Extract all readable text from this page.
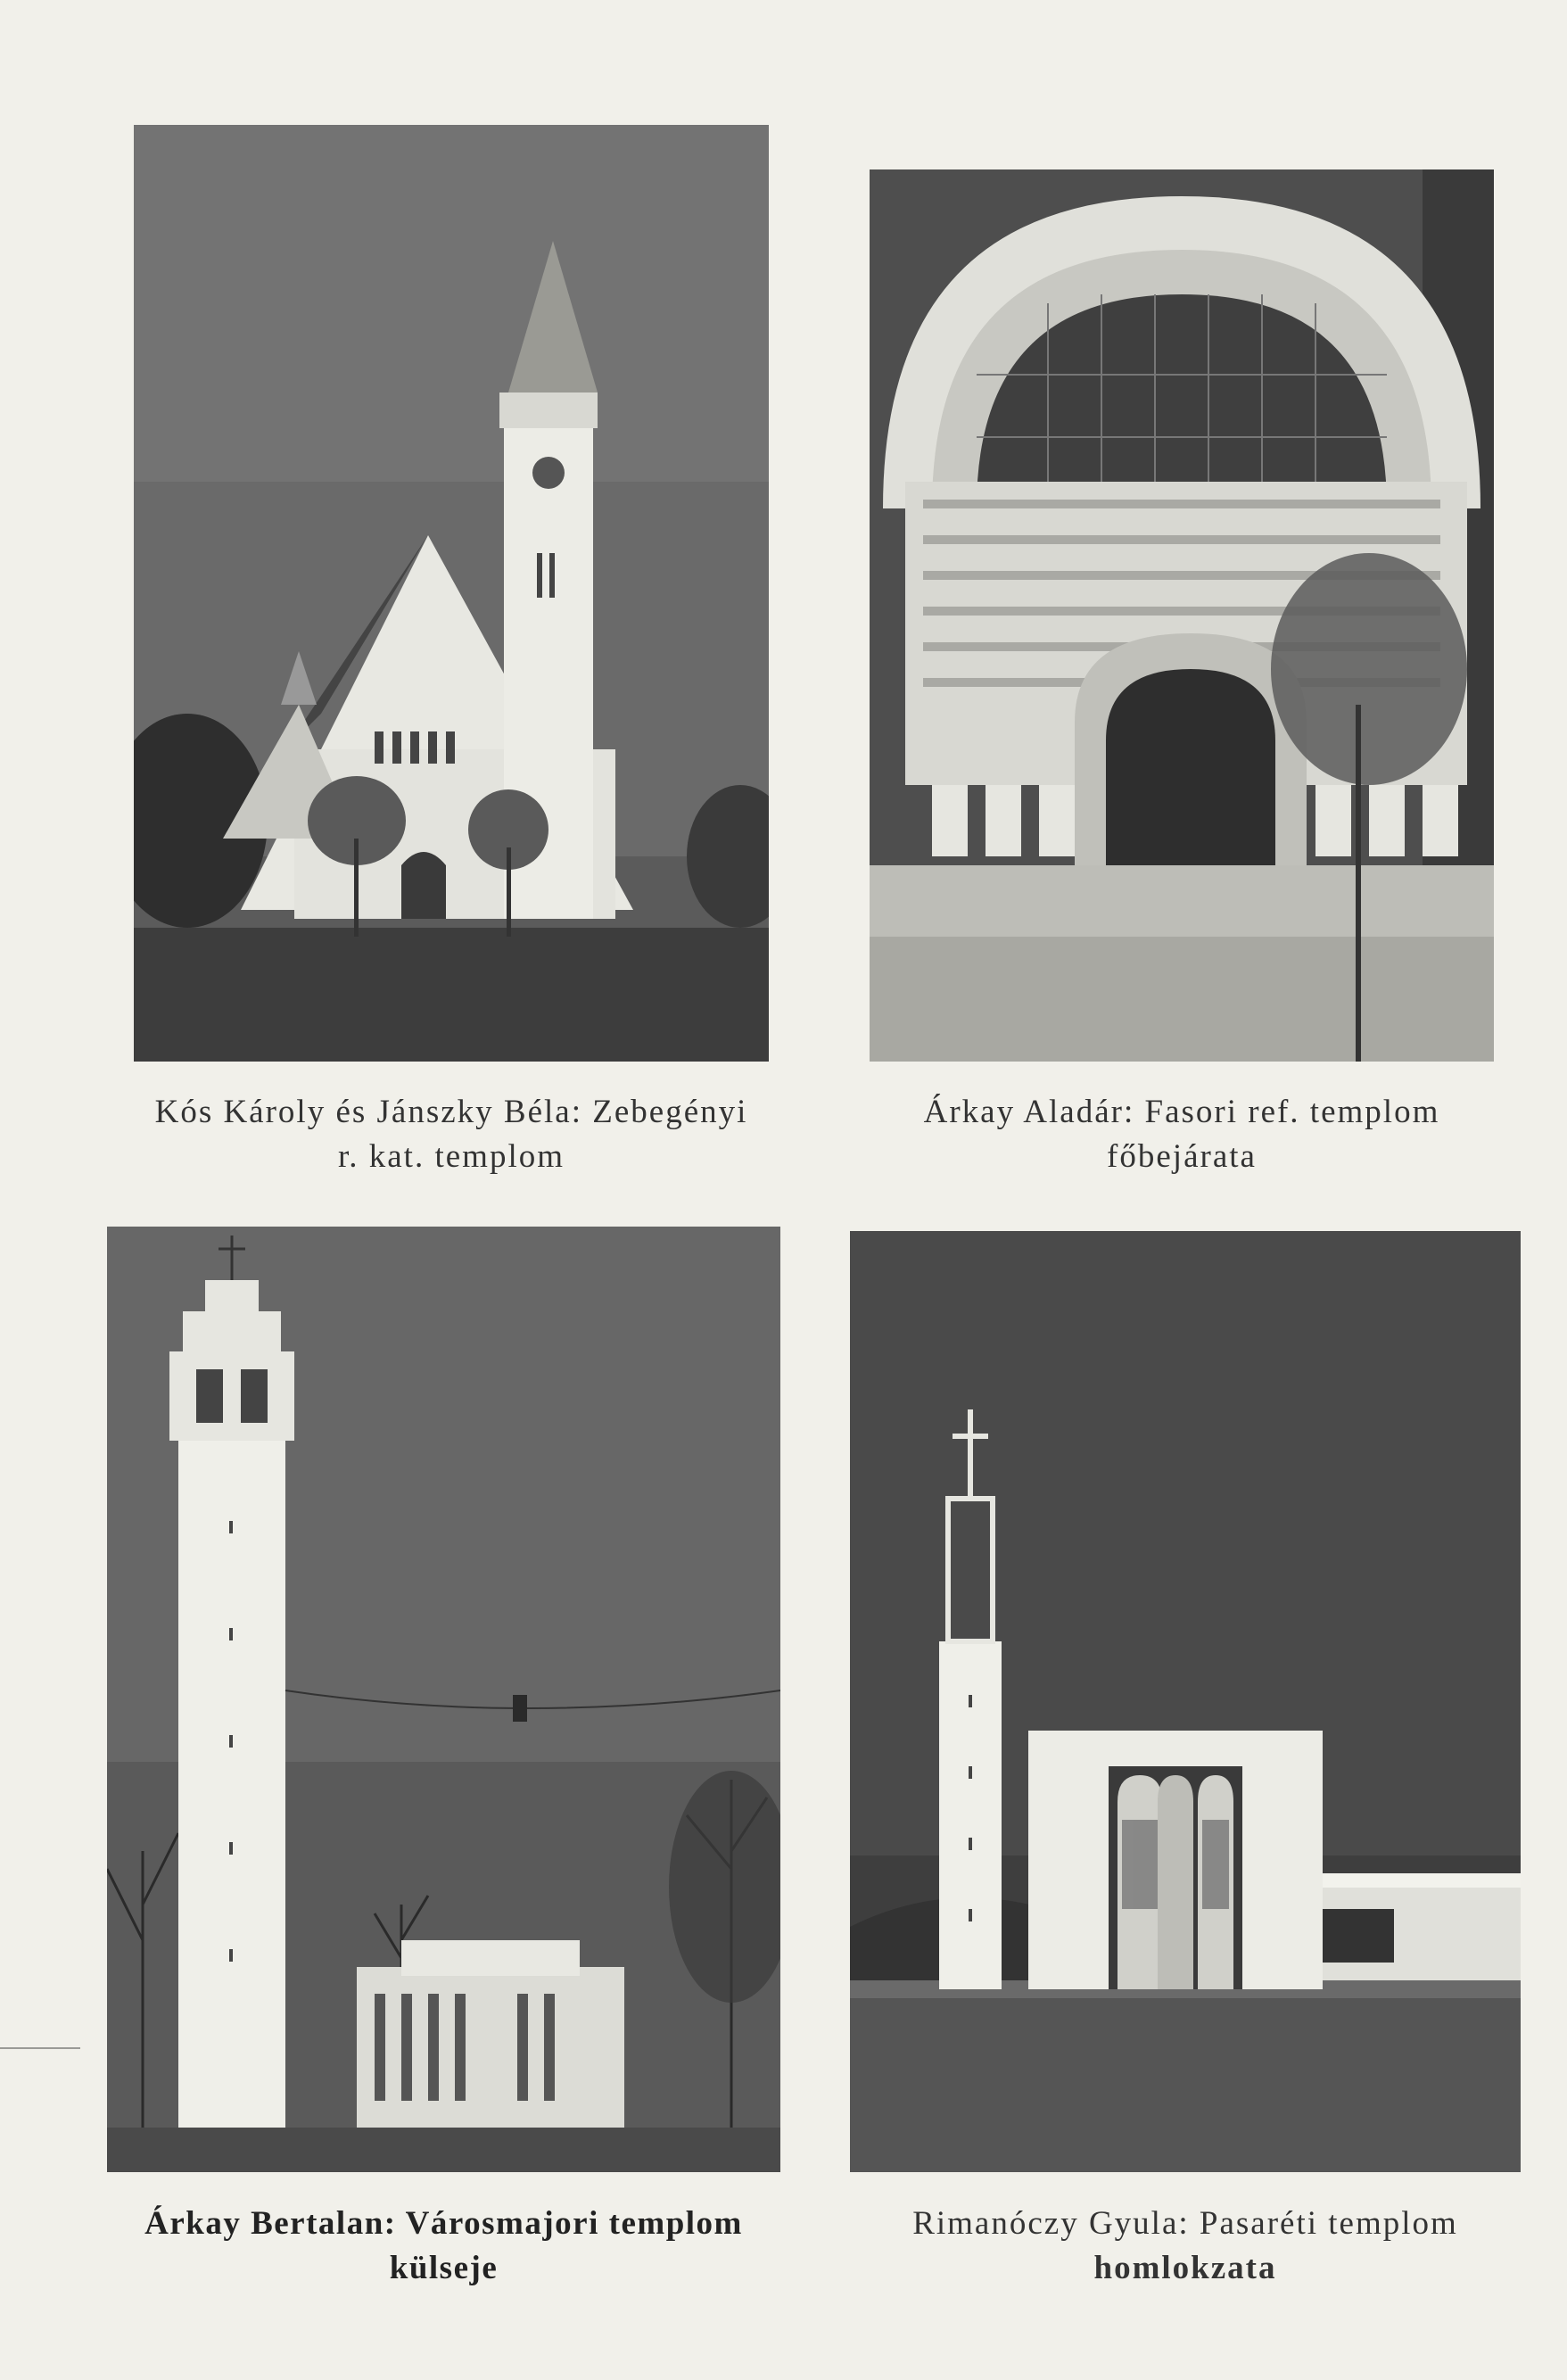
Kós Károly és Jánszky Béla: Zebegényi
r. kat. templom
Árkay Aladár: Fasori ref. templom
főbejárata
Árkay Bertalan: Városmajori templom
külseje
Rimanóczy Gyula: Pasaréti templom
homlokzata
